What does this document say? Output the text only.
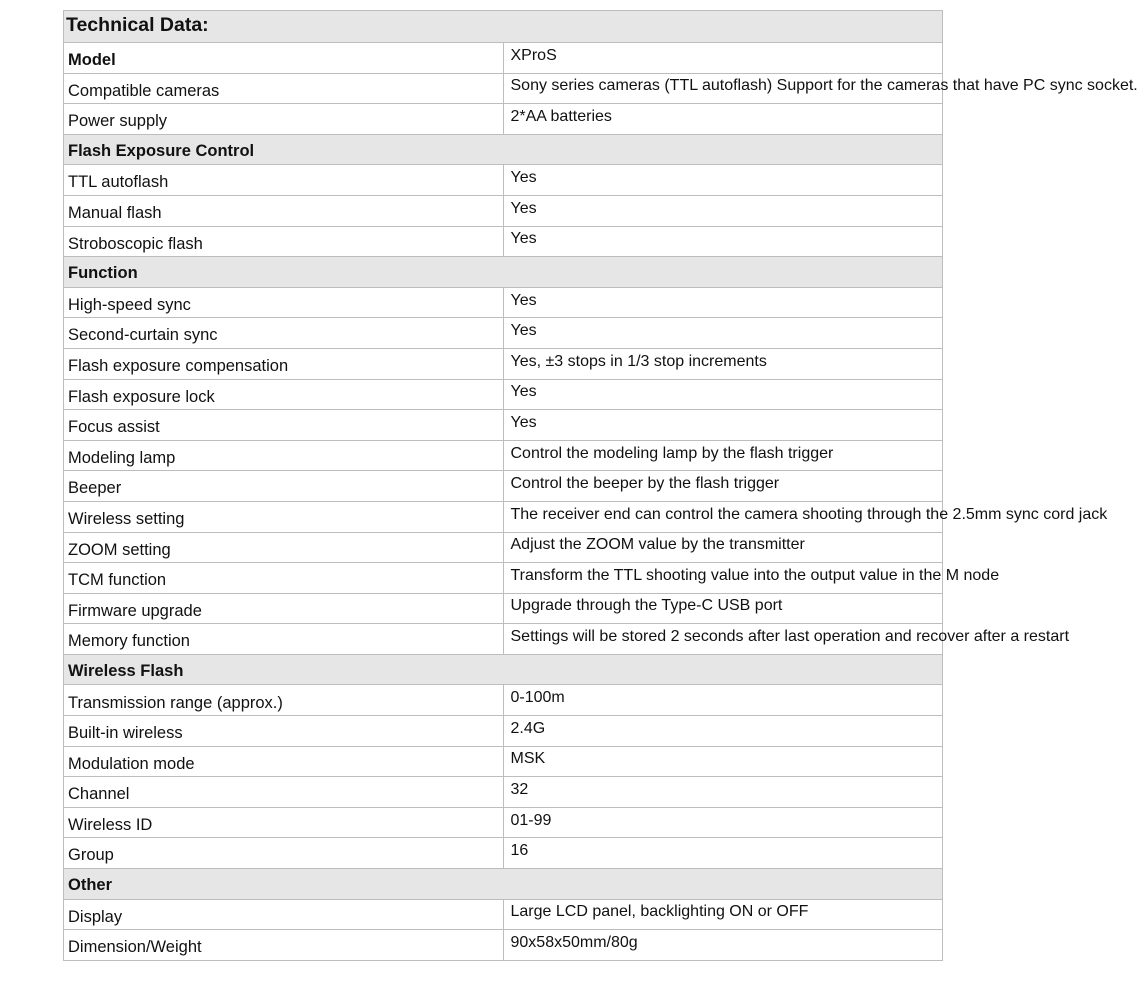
Technical Data:	
Model	XProS
Compatible cameras	Sony series cameras (TTL autoflash) Support for the cameras that have PC sync socket.
Power supply	2*AA batteries
Flash Exposure Control	
TTL autoflash	Yes
Manual flash	Yes
Stroboscopic flash	Yes
Function	
High-speed sync	Yes
Second-curtain sync	Yes
Flash exposure compensation	Yes, ±3 stops in 1/3 stop increments
Flash exposure lock	Yes
Focus assist	Yes
Modeling lamp	Control the modeling lamp by the flash trigger
Beeper	Control the beeper by the flash trigger
Wireless setting	The receiver end can control the camera shooting through the 2.5mm sync cord jack
ZOOM setting	Adjust the ZOOM value by the transmitter
TCM function	Transform the TTL shooting value into the output value in the M node
Firmware upgrade	Upgrade through the Type-C USB port
Memory function	Settings will be stored 2 seconds after last operation and recover after a restart
Wireless Flash	
Transmission range (approx.)	0-100m
Built-in wireless	2.4G
Modulation mode	MSK
Channel	32
Wireless ID	01-99
Group	16
Other	
Display	Large LCD panel, backlighting ON or OFF
Dimension/Weight	90x58x50mm/80g
